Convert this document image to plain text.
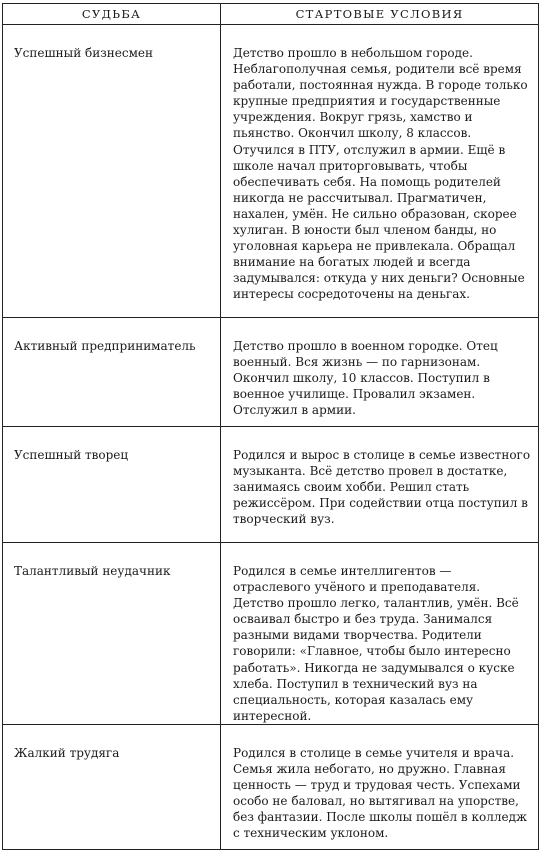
СУДЬБА	СТАРТОВЫЕ УСЛОВИЯ
Успешный бизнесмен	Детство прошло в небольшом городе. Неблагополучная семья, родители всё время работали, постоянная нужда. В городе только крупные предприятия и государственные учреждения. Вокруг грязь, хамство и пьянство. Окончил школу, 8 классов. Отучился в ПТУ, отслужил в армии. Ещё в школе начал приторговывать, чтобы обеспечивать себя. На помощь родителей никогда не рассчитывал. Прагматичен, нахален, умён. Не сильно образован, скорее хулиган. В юности был членом банды, но уголовная карьера не привлекала. Обращал внимание на богатых людей и всегда задумывался: откуда у них деньги? Основные интересы сосредоточены на деньгах.
Активный предприниматель	Детство прошло в военном городке. Отец военный. Вся жизнь — по гарнизонам. Окончил школу, 10 классов. Поступил в военное училище. Провалил экзамен. Отслужил в армии.
Успешный творец	Родился и вырос в столице в семье известного музыканта. Всё детство провел в достатке, занимаясь своим хобби. Решил стать режиссёром. При содействии отца поступил в творческий вуз.
Талантливый неудачник	Родился в семье интеллигентов — отраслевого учёного и преподавателя. Детство прошло легко, талантлив, умён. Всё осваивал быстро и без труда. Занимался разными видами творчества. Родители говорили: «Главное, чтобы было интересно работать». Никогда не задумывался о куске хлеба. Поступил в технический вуз на специальность, которая казалась ему интересной.
Жалкий трудяга	Родился в столице в семье учителя и врача. Семья жила небогато, но дружно. Главная ценность — труд и трудовая честь. Успехами особо не баловал, но вытягивал на упорстве, без фантазии. После школы пошёл в колледж с техническим уклоном.
